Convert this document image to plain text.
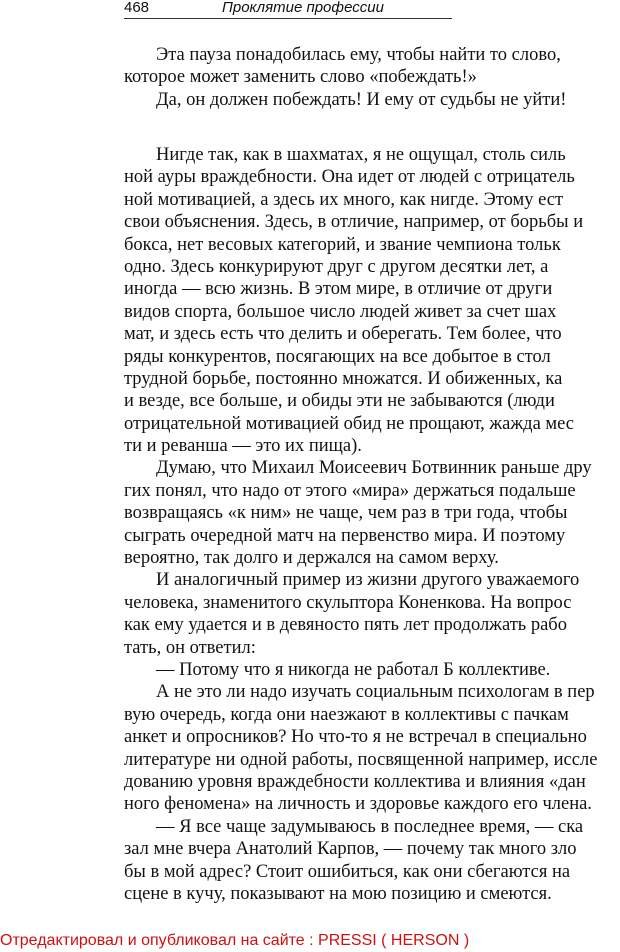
468	Проклятие профессии
Эта пауза понадобилась ему, чтобы найти то слово,
которое может заменить слово «побеждать!»
Да, он должен побеждать! И ему от судьбы не уйти!
Нигде так, как в шахматах, я не ощущал, столь силь
ной ауры враждебности. Она идет от людей с отрицатель
ной мотивацией, а здесь их много, как нигде. Этому ест
свои объяснения. Здесь, в отличие, например, от борьбы и
бокса, нет весовых категорий, и звание чемпиона тольк
одно. Здесь конкурируют друг с другом десятки лет, а
иногда — всю жизнь. В этом мире, в отличие от други
видов спорта, большое число людей живет за счет шах
мат, и здесь есть что делить и оберегать. Тем более, что
ряды конкурентов, посягающих на все добытое в стол
трудной борьбе, постоянно множатся. И обиженных, ка
и везде, все больше, и обиды эти не забываются (люди
отрицательной мотивацией обид не прощают, жажда мес
ти и реванша — это их пища).
Думаю, что Михаил Моисеевич Ботвинник раньше дру
гих понял, что надо от этого «мира» держаться подальше
возвращаясь «к ним» не чаще, чем раз в три года, чтобы
сыграть очередной матч на первенство мира. И поэтому
вероятно, так долго и держался на самом верху.
И аналогичный пример из жизни другого уважаемого
человека, знаменитого скульптора Коненкова. На вопрос
как ему удается и в девяносто пять лет продолжать рабо
тать, он ответил:
— Потому что я никогда не работал Б коллективе.
А не это ли надо изучать социальным психологам в пер
вую очередь, когда они наезжают в коллективы с пачкам
анкет и опросников? Но что-то я не встречал в специально
литературе ни одной работы, посвященной например, иссле
дованию уровня враждебности коллектива и влияния «дан
ного феномена» на личность и здоровье каждого его члена.
— Я все чаще задумываюсь в последнее время, — ска
зал мне вчера Анатолий Карпов, — почему так много зло
бы в мой адрес? Стоит ошибиться, как они сбегаются на
сцене в кучу, показывают на мою позицию и смеются.
Отредактировал и опубликовал на сайте : PRESSI ( HERSON )
